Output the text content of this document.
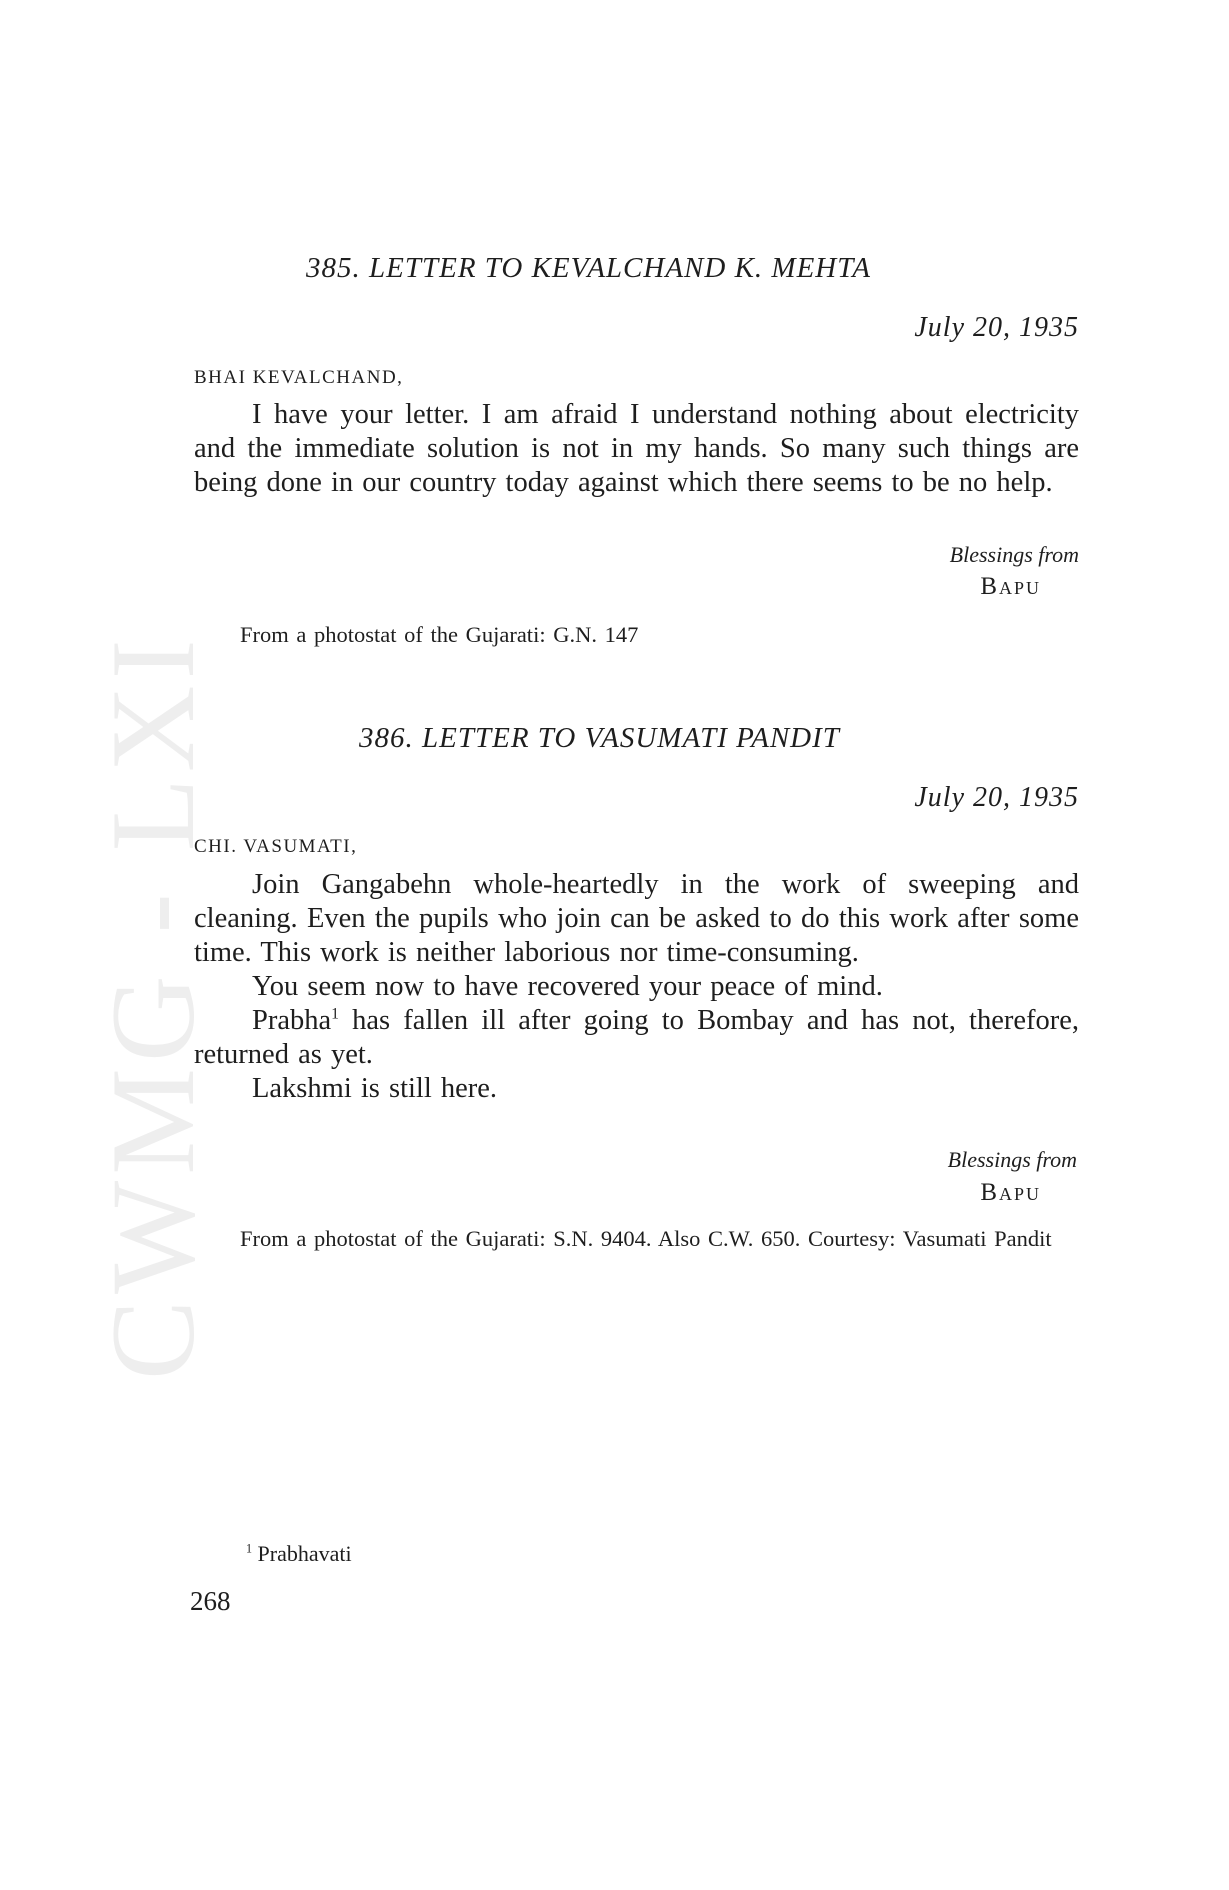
CWMG - LXI
385. LETTER TO KEVALCHAND K. MEHTA
July 20, 1935
BHAI KEVALCHAND,

I have your letter. I am afraid I understand nothing about electricity and the immediate solution is not in my hands. So many such things are being done in our country today against which there seems to be no help.

Blessings from
Bapu

From a photostat of the Gujarati: G.N. 147

386. LETTER TO VASUMATI PANDIT
July 20, 1935
CHI. VASUMATI,

Join Gangabehn whole-heartedly in the work of sweeping and cleaning. Even the pupils who join can be asked to do this work after some time. This work is neither laborious nor time-consuming.

You seem now to have recovered your peace of mind.

Prabha$^1$ has fallen ill after going to Bombay and has not, therefore, returned as yet.

Lakshmi is still here.

Blessings from
Bapu

From a photostat of the Gujarati: S.N. 9404. Also C.W. 650. Courtesy: Vasumati Pandit

$^1$ Prabhavati
268
